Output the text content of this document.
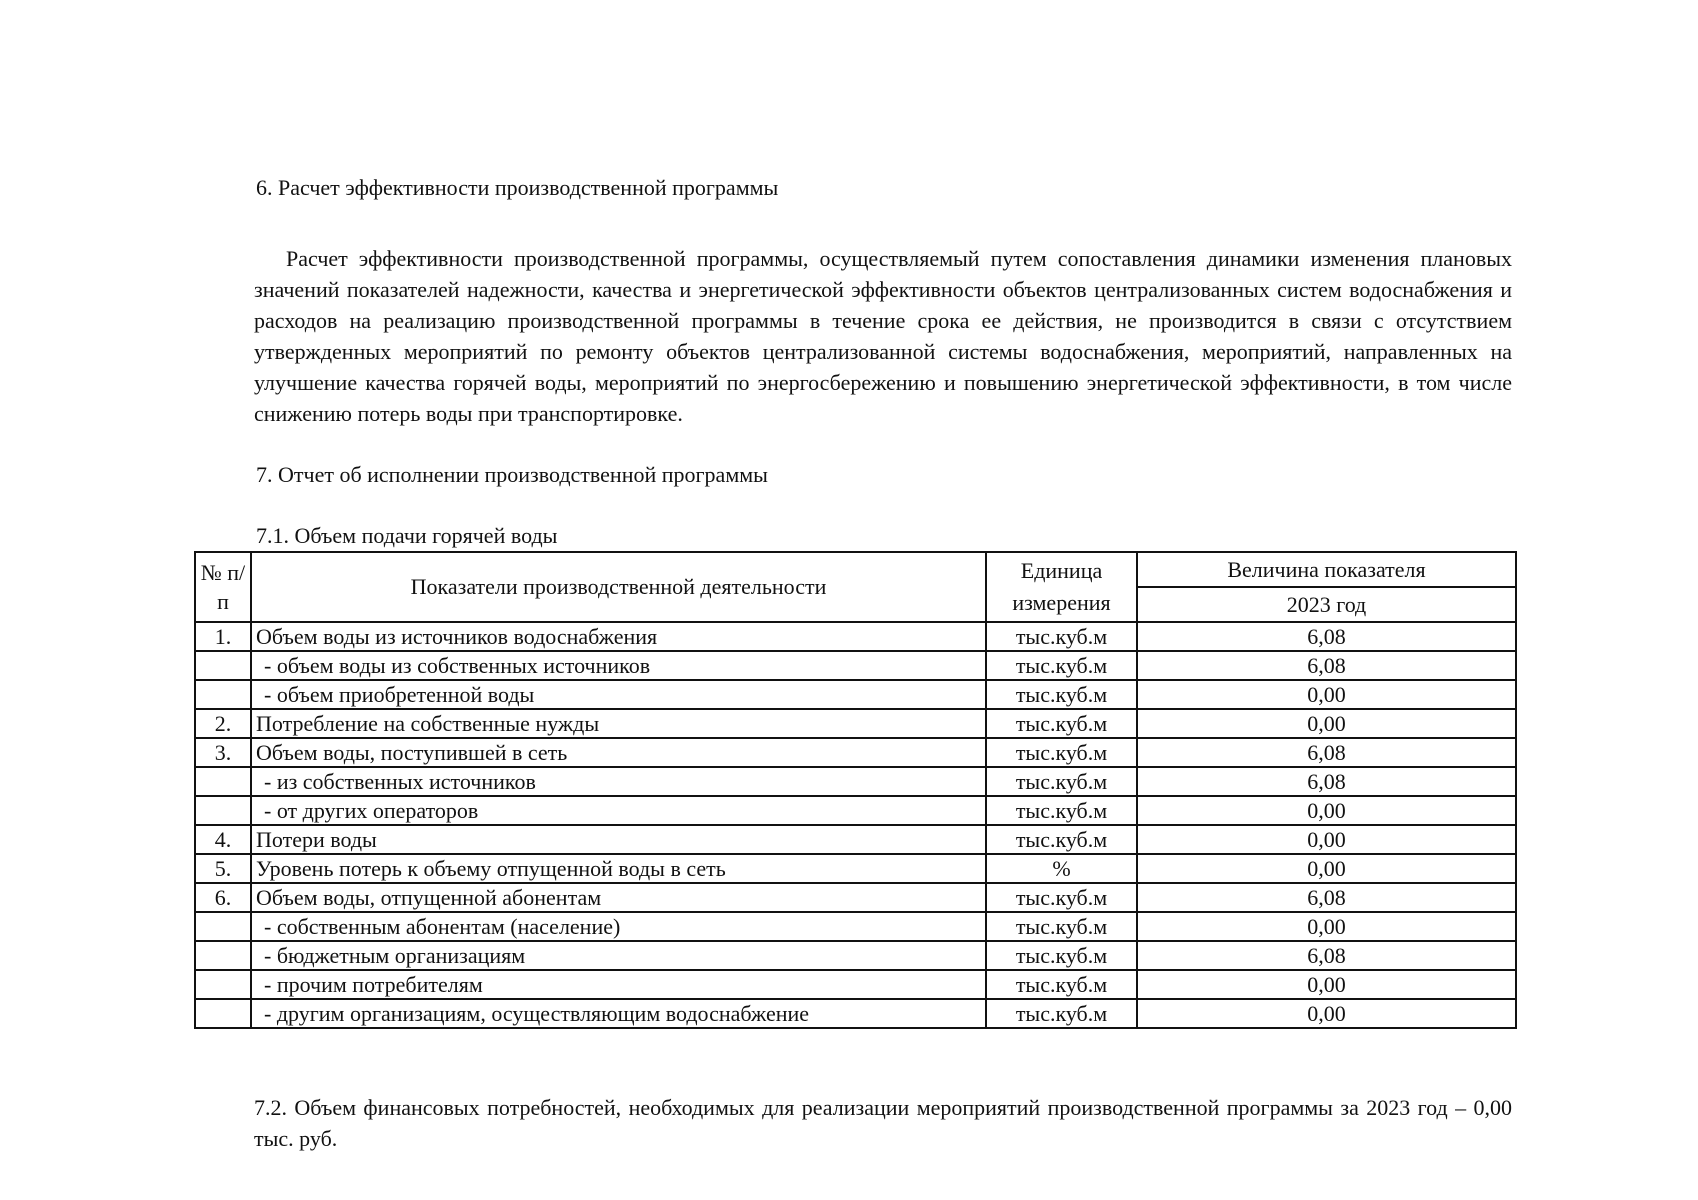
6. Расчет эффективности производственной программы
Расчет эффективности производственной программы, осуществляемый путем сопоставления динамики изменения плановых значений показателей надежности, качества и энергетической эффективности объектов централизованных систем водоснабжения и расходов на реализацию производственной программы в течение срока ее действия, не производится в связи с отсутствием утвержденных мероприятий по ремонту объектов централизованной системы водоснабжения, мероприятий, направленных на улучшение качества горячей воды, мероприятий по энергосбережению и повышению энергетической эффективности, в том числе снижению потерь воды при транспортировке.
7. Отчет об исполнении производственной программы
7.1. Объем подачи горячей воды
№ п/п	Показатели производственной деятельности	Единица измерения	Величина показателя
			2023 год
1.	Объем воды из источников водоснабжения	тыс.куб.м	6,08
	- объем воды из собственных источников	тыс.куб.м	6,08
	- объем приобретенной воды	тыс.куб.м	0,00
2.	Потребление на собственные нужды	тыс.куб.м	0,00
3.	Объем воды, поступившей в сеть	тыс.куб.м	6,08
	- из собственных источников	тыс.куб.м	6,08
	- от других операторов	тыс.куб.м	0,00
4.	Потери воды	тыс.куб.м	0,00
5.	Уровень потерь к объему отпущенной воды в сеть	%	0,00
6.	Объем воды, отпущенной абонентам	тыс.куб.м	6,08
	- собственным абонентам (население)	тыс.куб.м	0,00
	- бюджетным организациям	тыс.куб.м	6,08
	- прочим потребителям	тыс.куб.м	0,00
	- другим организациям, осуществляющим водоснабжение	тыс.куб.м	0,00
7.2. Объем финансовых потребностей, необходимых для реализации мероприятий производственной программы за 2023 год – 0,00 тыс. руб.
